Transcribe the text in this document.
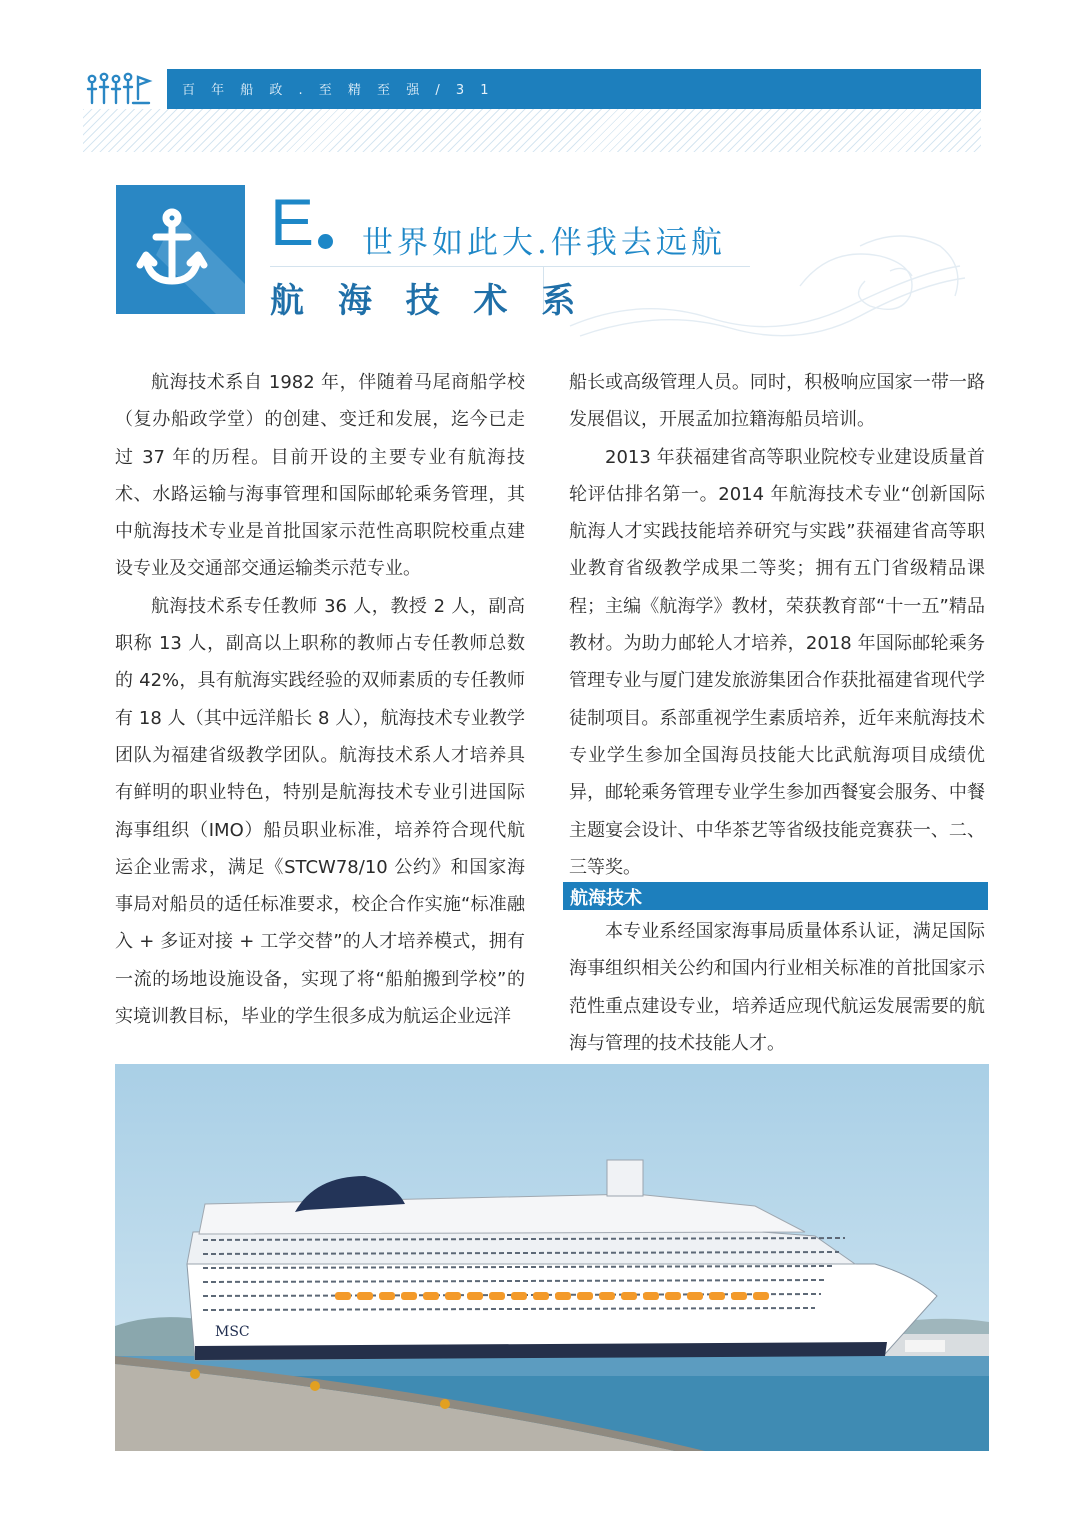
百 年 船 政 . 至 精 至 强 / 3 1
E 世界如此大.伴我去远航
航 海 技 术 系

航海技术系自 1982 年，伴随着马尾商船学校（复办船政学堂）的创建、变迁和发展，迄今已走过 37 年的历程。目前开设的主要专业有航海技术、水路运输与海事管理和国际邮轮乘务管理，其中航海技术专业是首批国家示范性高职院校重点建设专业及交通部交通运输类示范专业。

航海技术系专任教师 36 人，教授 2 人，副高职称 13 人，副高以上职称的教师占专任教师总数的 42%，具有航海实践经验的双师素质的专任教师有 18 人（其中远洋船长 8 人），航海技术专业教学团队为福建省级教学团队。航海技术系人才培养具有鲜明的职业特色，特别是航海技术专业引进国际海事组织（IMO）船员职业标准，培养符合现代航运企业需求，满足《STCW78/10 公约》和国家海事局对船员的适任标准要求，校企合作实施“标准融入 + 多证对接 + 工学交替”的人才培养模式，拥有一流的场地设施设备，实现了将“船舶搬到学校”的实境训教目标，毕业的学生很多成为航运企业远洋

船长或高级管理人员。同时，积极响应国家一带一路发展倡议，开展孟加拉籍海船员培训。

2013 年获福建省高等职业院校专业建设质量首轮评估排名第一。2014 年航海技术专业“创新国际航海人才实践技能培养研究与实践”获福建省高等职业教育省级教学成果二等奖；拥有五门省级精品课程；主编《航海学》教材，荣获教育部“十一五”精品教材。为助力邮轮人才培养，2018 年国际邮轮乘务管理专业与厦门建发旅游集团合作获批福建省现代学徒制项目。系部重视学生素质培养，近年来航海技术专业学生参加全国海员技能大比武航海项目成绩优异，邮轮乘务管理专业学生参加西餐宴会服务、中餐主题宴会设计、中华茶艺等省级技能竞赛获一、二、三等奖。

航海技术

本专业系经国家海事局质量体系认证，满足国际海事组织相关公约和国内行业相关标准的首批国家示范性重点建设专业，培养适应现代航运发展需要的航海与管理的技术技能人才。

MSC
